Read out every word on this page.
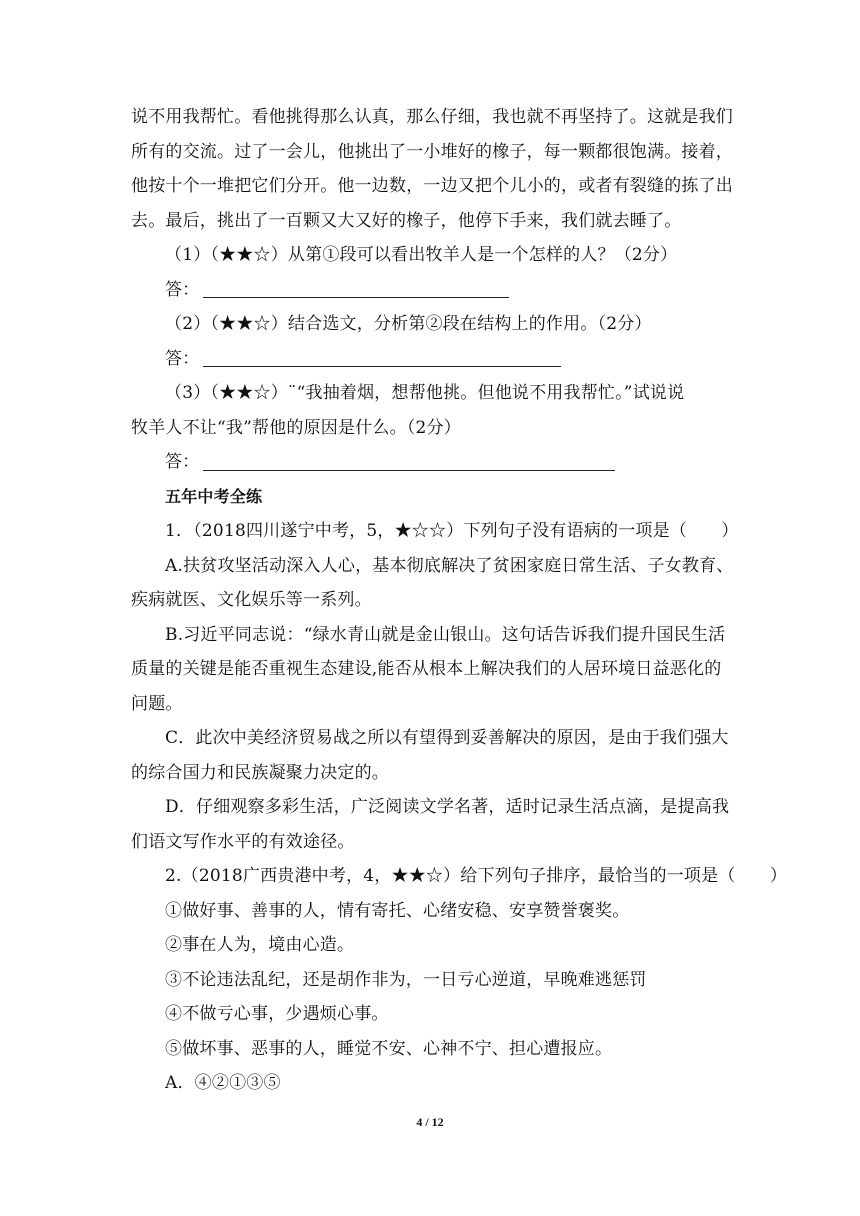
说不用我帮忙。看他挑得那么认真，那么仔细，我也就不再坚持了。这就是我们
所有的交流。过了一会儿，他挑出了一小堆好的橡子，每一颗都很饱满。接着，
他按十个一堆把它们分开。他一边数，一边又把个儿小的，或者有裂缝的拣了出
去。最后，挑出了一百颗又大又好的橡子，他停下手来，我们就去睡了。
（1）（★★☆）从第①段可以看出牧羊人是一个怎样的人？（2分）
答：
（2）（★★☆）结合选文，分析第②段在结构上的作用。（2分）
答：
（3）（★★☆）¨“我抽着烟，想帮他挑。但他说不用我帮忙。”试说说
牧羊人不让“我”帮他的原因是什么。（2分）
答：
五年中考全练
1．（2018四川遂宁中考，5，★☆☆）下列句子没有语病的一项是（　　）
A.扶贫攻坚活动深入人心，基本彻底解决了贫困家庭日常生活、子女教育、
疾病就医、文化娱乐等一系列。
B.习近平同志说：“绿水青山就是金山银山。这句话告诉我们提升国民生活
质量的关键是能否重视生态建设,能否从根本上解决我们的人居环境日益恶化的
问题。
C．此次中美经济贸易战之所以有望得到妥善解决的原因，是由于我们强大
的综合国力和民族凝聚力决定的。
D．仔细观察多彩生活，广泛阅读文学名著，适时记录生活点滴，是提高我
们语文写作水平的有效途径。
2.（2018广西贵港中考，4，★★☆）给下列句子排序，最恰当的一项是（　　）
①做好事、善事的人，情有寄托、心绪安稳、安享赞誉褒奖。
②事在人为，境由心造。
③不论违法乱纪，还是胡作非为，一日亏心逆道，早晚难逃惩罚
④不做亏心事，少遇烦心事。
⑤做坏事、恶事的人，睡觉不安、心神不宁、担心遭报应。
A．④②①③⑤
4 / 12
